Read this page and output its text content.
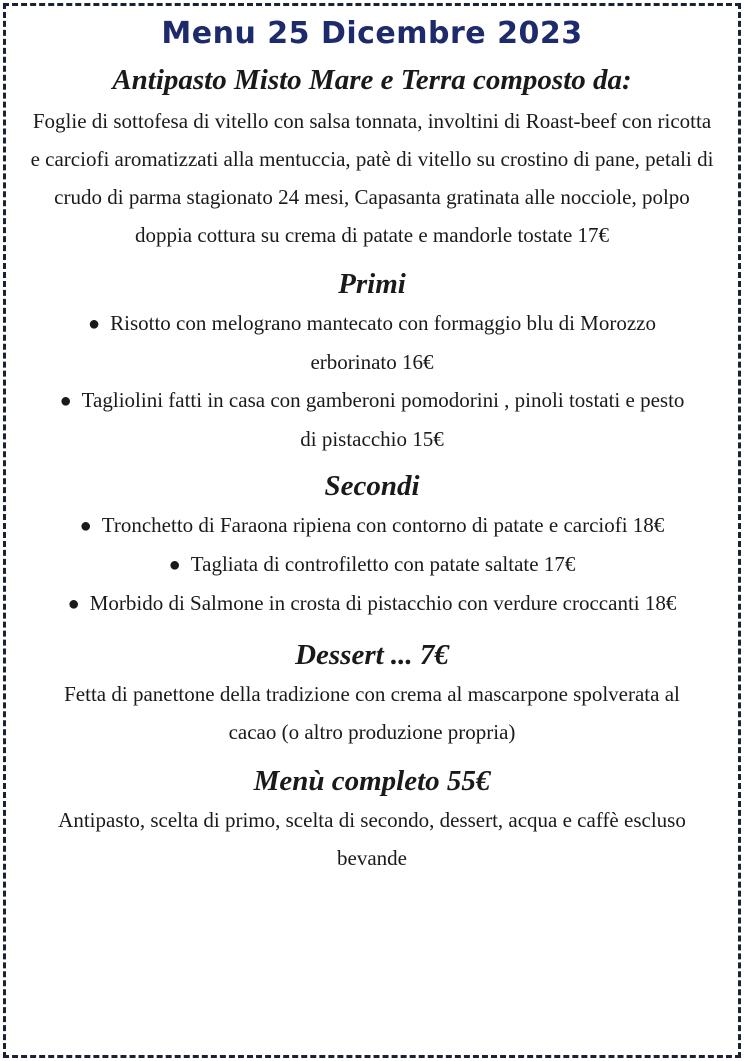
Menu 25 Dicembre 2023
Antipasto Misto Mare e Terra composto da:

Foglie di sottofesa di vitello con salsa tonnata, involtini di Roast-beef con ricotta e carciofi aromatizzati alla mentuccia, patè di vitello su crostino di pane, petali di crudo di parma stagionato 24 mesi, Capasanta gratinata alle nocciole, polpo doppia cottura su crema di patate e mandorle tostate 17€

Primi
● Risotto con melograno mantecato con formaggio blu di Morozzo erborinato 16€
● Tagliolini fatti in casa con gamberoni pomodorini , pinoli tostati e pesto di pistacchio 15€
Secondi
● Tronchetto di Faraona ripiena con contorno di patate e carciofi 18€
● Tagliata di controfiletto con patate saltate 17€
● Morbido di Salmone in crosta di pistacchio con verdure croccanti 18€
Dessert ... 7€

Fetta di panettone della tradizione con crema al mascarpone spolverata al cacao (o altro produzione propria)

Menù completo 55€

Antipasto, scelta di primo, scelta di secondo, dessert, acqua e caffè escluso bevande
